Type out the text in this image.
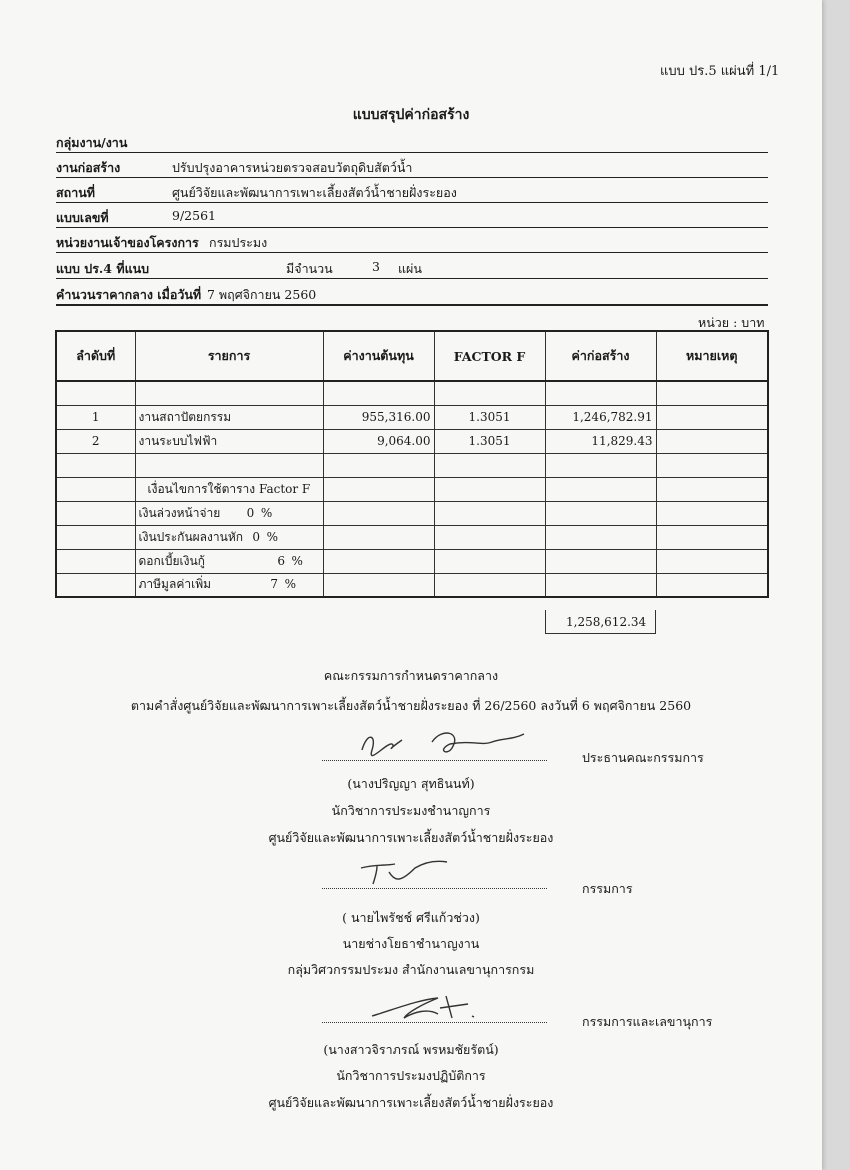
แบบ ปร.5 แผ่นที่ 1/1
แบบสรุปค่าก่อสร้าง
กลุ่มงาน/งาน
งานก่อสร้าง	ปรับปรุงอาคารหน่วยตรวจสอบวัตถุดิบสัตว์น้ำ
สถานที่	ศูนย์วิจัยและพัฒนาการเพาะเลี้ยงสัตว์น้ำชายฝั่งระยอง
แบบเลขที่	9/2561
หน่วยงานเจ้าของโครงการ กรมประมง
แบบ ปร.4 ที่แนบ	มีจำนวน	3 แผ่น
คำนวนราคากลาง เมื่อวันที่ 7 พฤศจิกายน 2560
หน่วย : บาท
ลำดับที่	รายการ	ค่างานต้นทุน	FACTOR F	ค่าก่อสร้าง	หมายเหตุ

1	งานสถาปัตยกรรม	955,316.00	1.3051	1,246,782.91	
2	งานระบบไฟฟ้า	9,064.00	1.3051	11,829.43	

	เงื่อนไขการใช้ตาราง Factor F				
	เงินล่วงหน้าจ่าย 0 %				
	เงินประกันผลงานหัก 0 %				
	ดอกเบี้ยเงินกู้ 6 %				
	ภาษีมูลค่าเพิ่ม 7 %				
1,258,612.34
คณะกรรมการกำหนดราคากลาง
ตามคำสั่งศูนย์วิจัยและพัฒนาการเพาะเลี้ยงสัตว์น้ำชายฝั่งระยอง ที่ 26/2560 ลงวันที่ 6 พฤศจิกายน 2560
ประธานคณะกรรมการ
(นางปริญญา สุทธินนท์)
นักวิชาการประมงชำนาญการ
ศูนย์วิจัยและพัฒนาการเพาะเลี้ยงสัตว์น้ำชายฝั่งระยอง
กรรมการ
( นายไพรัชช์ ศรีแก้วช่วง)
นายช่างโยธาชำนาญงาน
กลุ่มวิศวกรรมประมง สำนักงานเลขานุการกรม
กรรมการและเลขานุการ
(นางสาวจิราภรณ์ พรหมชัยรัตน์)
นักวิชาการประมงปฏิบัติการ
ศูนย์วิจัยและพัฒนาการเพาะเลี้ยงสัตว์น้ำชายฝั่งระยอง
